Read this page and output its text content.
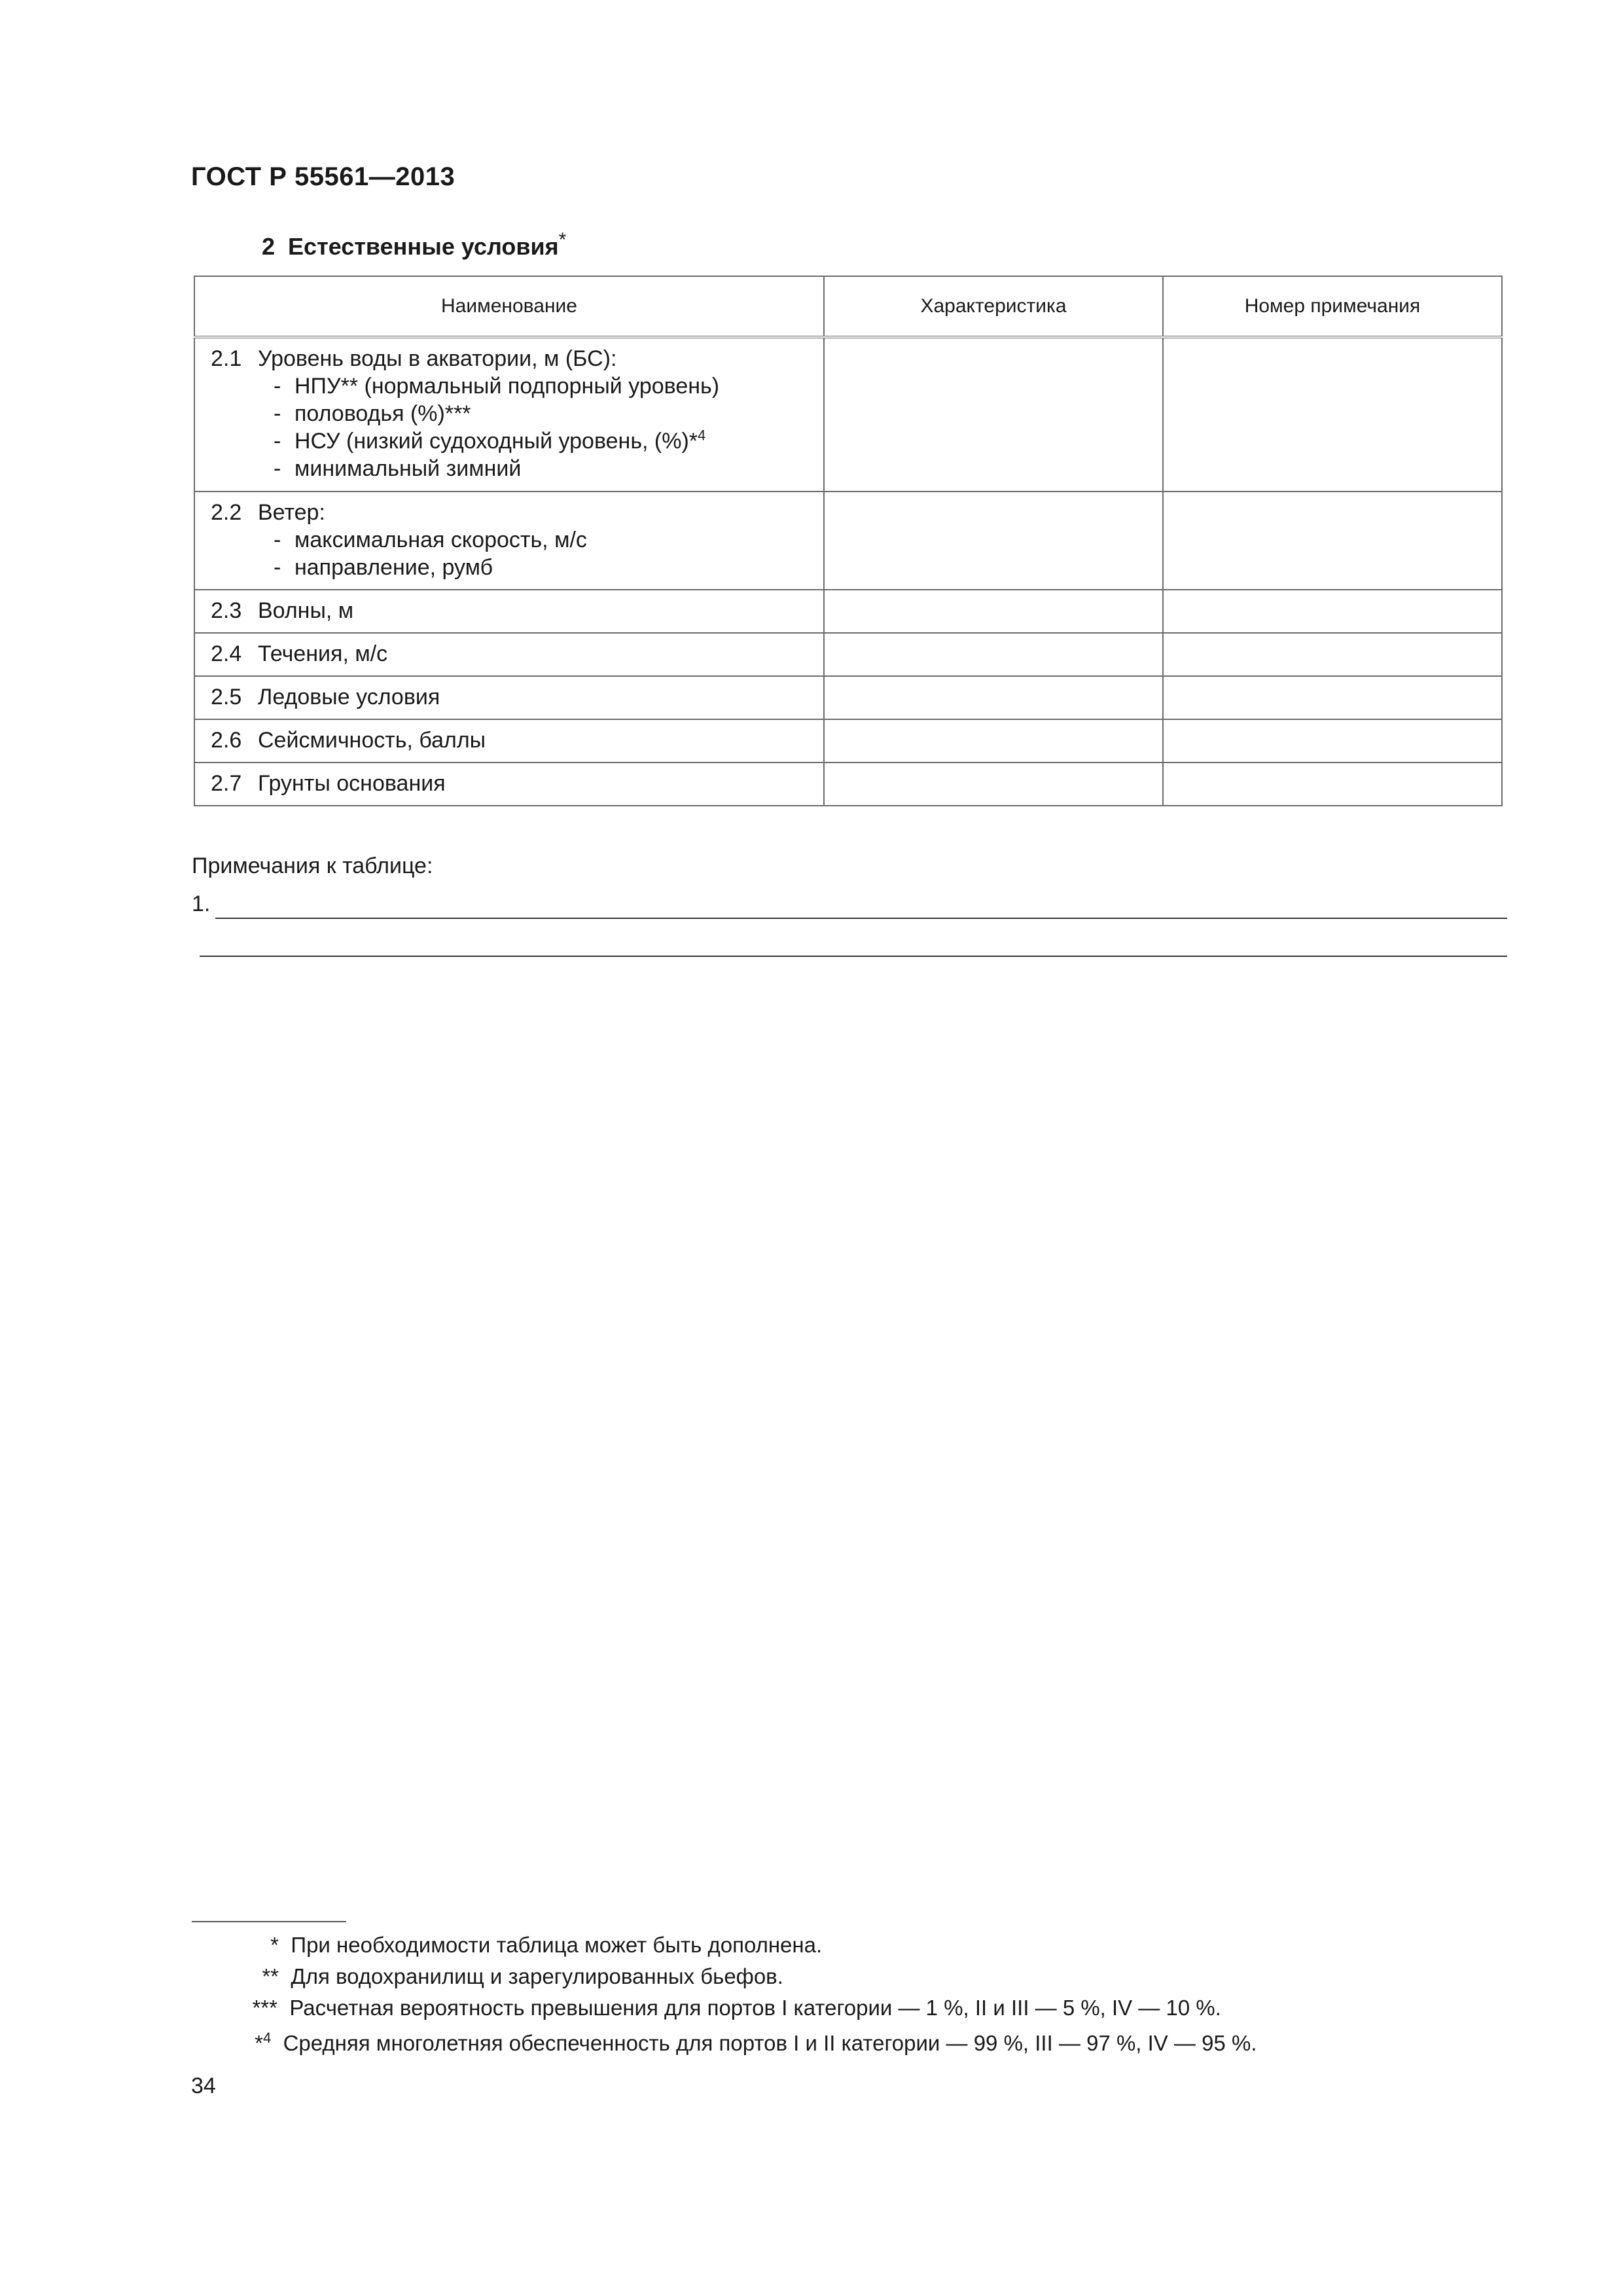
ГОСТ Р 55561—2013
2 Естественные условия*
Наименование	Характеристика	Номер примечания

2.1 Уровень воды в акватории, м (БС):
- НПУ** (нормальный подпорный уровень)
- половодья (%)***
- НСУ (низкий судоходный уровень, (%)*$^4$
- минимальный зимний		

2.2 Ветер:
- максимальная скорость, м/с
- направление, румб		

2.3 Волны, м		

2.4 Течения, м/с		

2.5 Ледовые условия		

2.6 Сейсмичность, баллы		

2.7 Грунты основания		

Примечания к таблице:
1.
* При необходимости таблица может быть дополнена.
** Для водохранилищ и зарегулированных бьефов.
*** Расчетная вероятность превышения для портов I категории — 1 %, II и III — 5 %, IV — 10 %.
*$^4$ Средняя многолетняя обеспеченность для портов I и II категории — 99 %, III — 97 %, IV — 95 %.
34
